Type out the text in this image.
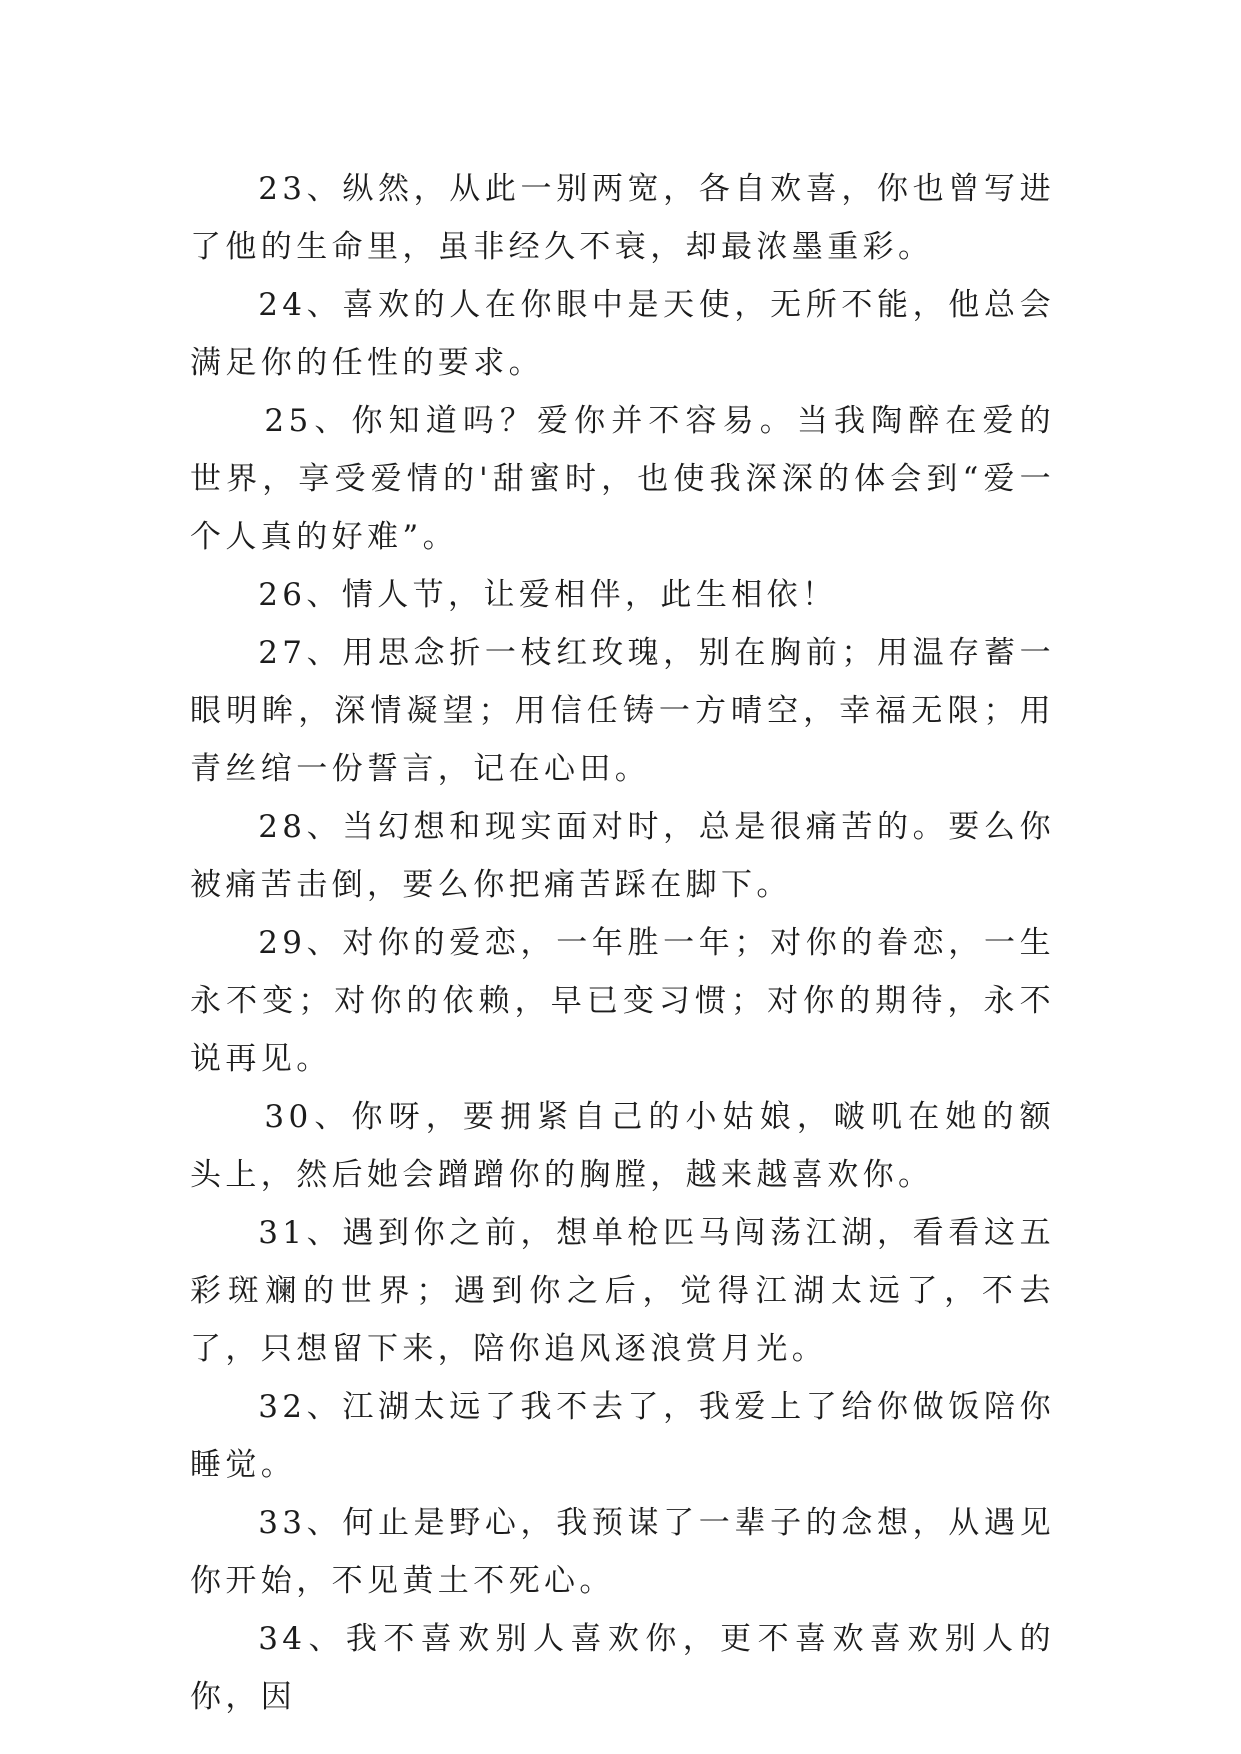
23、纵然，从此一别两宽，各自欢喜，你也曾写进了他的生命里，虽非经久不衰，却最浓墨重彩。

24、喜欢的人在你眼中是天使，无所不能，他总会满足你的任性的要求。

25、你知道吗？爱你并不容易。当我陶醉在爱的世界，享受爱情的'甜蜜时，也使我深深的体会到“爱一个人真的好难”。

26、情人节，让爱相伴，此生相依！

27、用思念折一枝红玫瑰，别在胸前；用温存蓄一眼明眸，深情凝望；用信任铸一方晴空，幸福无限；用青丝绾一份誓言，记在心田。

28、当幻想和现实面对时，总是很痛苦的。要么你被痛苦击倒，要么你把痛苦踩在脚下。

29、对你的爱恋，一年胜一年；对你的眷恋，一生永不变；对你的依赖，早已变习惯；对你的期待，永不说再见。

30、你呀，要拥紧自己的小姑娘，啵叽在她的额头上，然后她会蹭蹭你的胸膛，越来越喜欢你。

31、遇到你之前，想单枪匹马闯荡江湖，看看这五彩斑斓的世界；遇到你之后，觉得江湖太远了，不去了，只想留下来，陪你追风逐浪赏月光。

32、江湖太远了我不去了，我爱上了给你做饭陪你睡觉。

33、何止是野心，我预谋了一辈子的念想，从遇见你开始，不见黄土不死心。

34、我不喜欢别人喜欢你，更不喜欢喜欢别人的你，因
